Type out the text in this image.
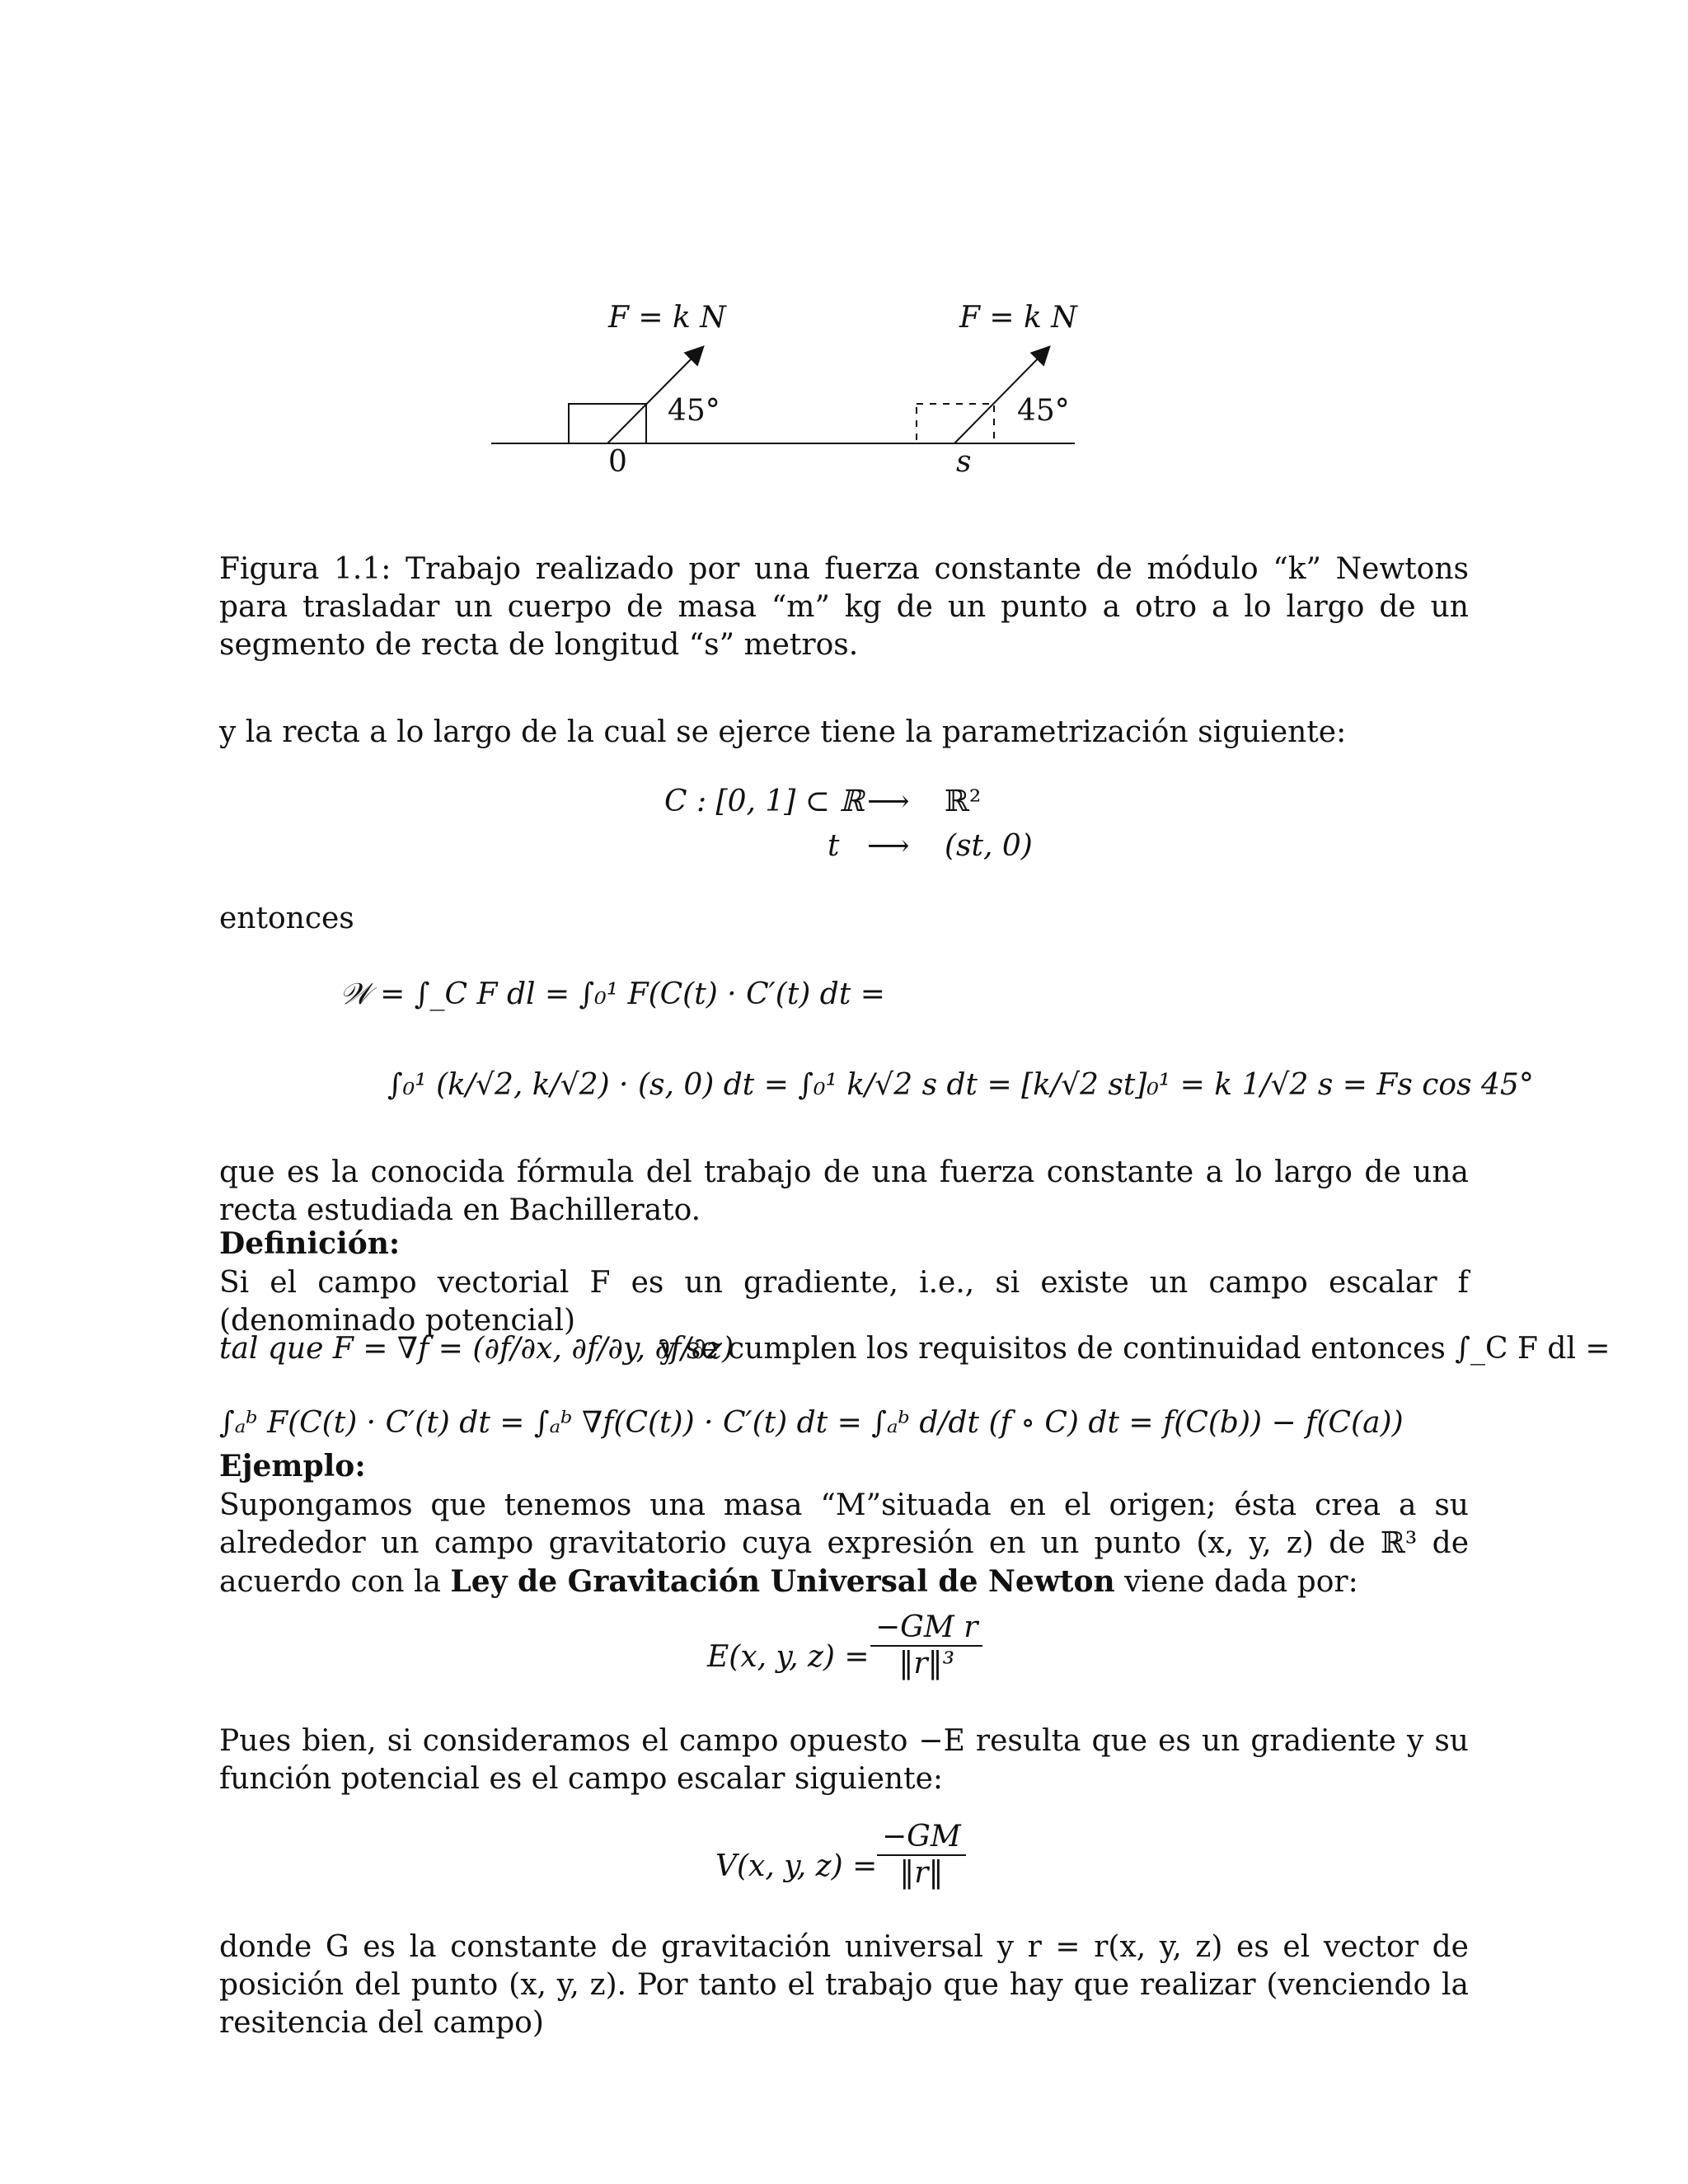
F = k N	F = k N
45°	45°
0	s
Figura 1.1: Trabajo realizado por una fuerza constante de módulo “k” Newtons para trasladar un cuerpo de masa “m” kg de un punto a otro a lo largo de un segmento de recta de longitud “s” metros.
y la recta a lo largo de la cual se ejerce tiene la parametrización siguiente:
C : [0, 1] ⊂ ℝ ⟶ ℝ²
t ⟶ (st, 0)
entonces
𝒲 = ∫_C F dl = ∫₀¹ F(C(t) · C′(t) dt =
∫₀¹ (k/√2, k/√2) · (s, 0) dt = ∫₀¹ k/√2 s dt = [k/√2 st]₀¹ = k 1/√2 s = Fs cos 45°
que es la conocida fórmula del trabajo de una fuerza constante a lo largo de una recta estudiada en Bachillerato.
Definición:
Si el campo vectorial F es un gradiente, i.e., si existe un campo escalar f (denominado potencial)
tal que F = ∇f = (∂f/∂x, ∂f/∂y, ∂f/∂z)
y se cumplen los requisitos de continuidad entonces ∫_C F dl =
∫ₐᵇ F(C(t) · C′(t) dt = ∫ₐᵇ ∇f(C(t)) · C′(t) dt = ∫ₐᵇ d/dt (f ∘ C) dt = f(C(b)) − f(C(a))
Ejemplo:
Supongamos que tenemos una masa “M”situada en el origen; ésta crea a su alrededor un campo gravitatorio cuya expresión en un punto (x, y, z) de ℝ³ de acuerdo con la Ley de Gravitación Universal de Newton viene dada por:
E(x, y, $z) = \frac{\text{−GM r}}{\text{‖r‖³}}$
Pues bien, si consideramos el campo opuesto −E resulta que es un gradiente y su función potencial es el campo escalar siguiente:
V(x, y, $z) = \frac{-GM}{‖r‖}$
donde G es la constante de gravitación universal y r = r(x, y, z) es el vector de posición del punto (x, y, z). Por tanto el trabajo que hay que realizar (venciendo la resitencia del campo)
